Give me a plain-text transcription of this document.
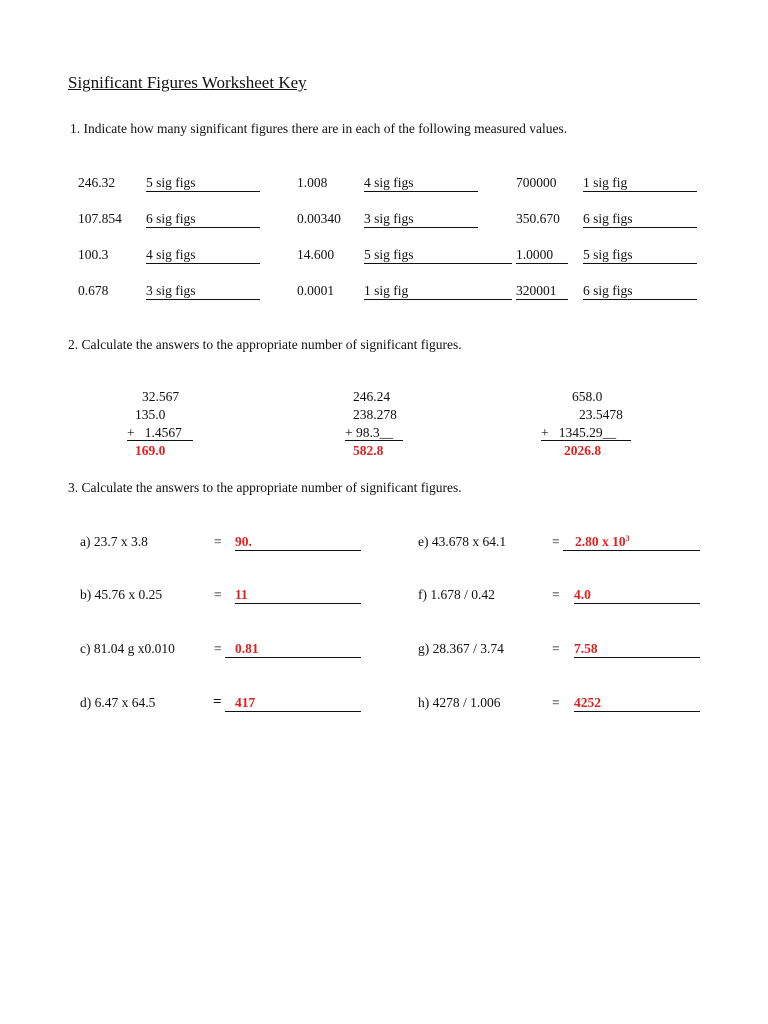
Significant Figures Worksheet Key
1. Indicate how many significant figures there are in each of the following measured values.
246.32 5 sig figs	1.008	4 sig figs	700000 1 sig fig
107.854 6 sig figs	0.00340 3 sig figs	350.670 6 sig figs
100.3	4 sig figs	14.600 5 sig figs	1.0000	5 sig figs
0.678	3 sig figs	0.0001 1 sig fig	320001	6 sig figs
2. Calculate the answers to the appropriate number of significant figures.
32.567
135.0
+   1.4567
169.0
246.24
238.278
+ 98.3__
582.8
658.0
23.5478
+   1345.29__
2026.8
3. Calculate the answers to the appropriate number of significant figures.
a) 23.7 x 3.8	= 90.
b) 45.76 x 0.25	= 11
c) 81.04 g x0.010	= 0.81
d) 6.47 x 64.5	= 417
e) 43.678 x 64.1	=	2.80 x $10^3$
f) 1.678 / 0.42	= 4.0
g) 28.367 / 3.74	= 7.58
h) 4278 / 1.006	= 4252
